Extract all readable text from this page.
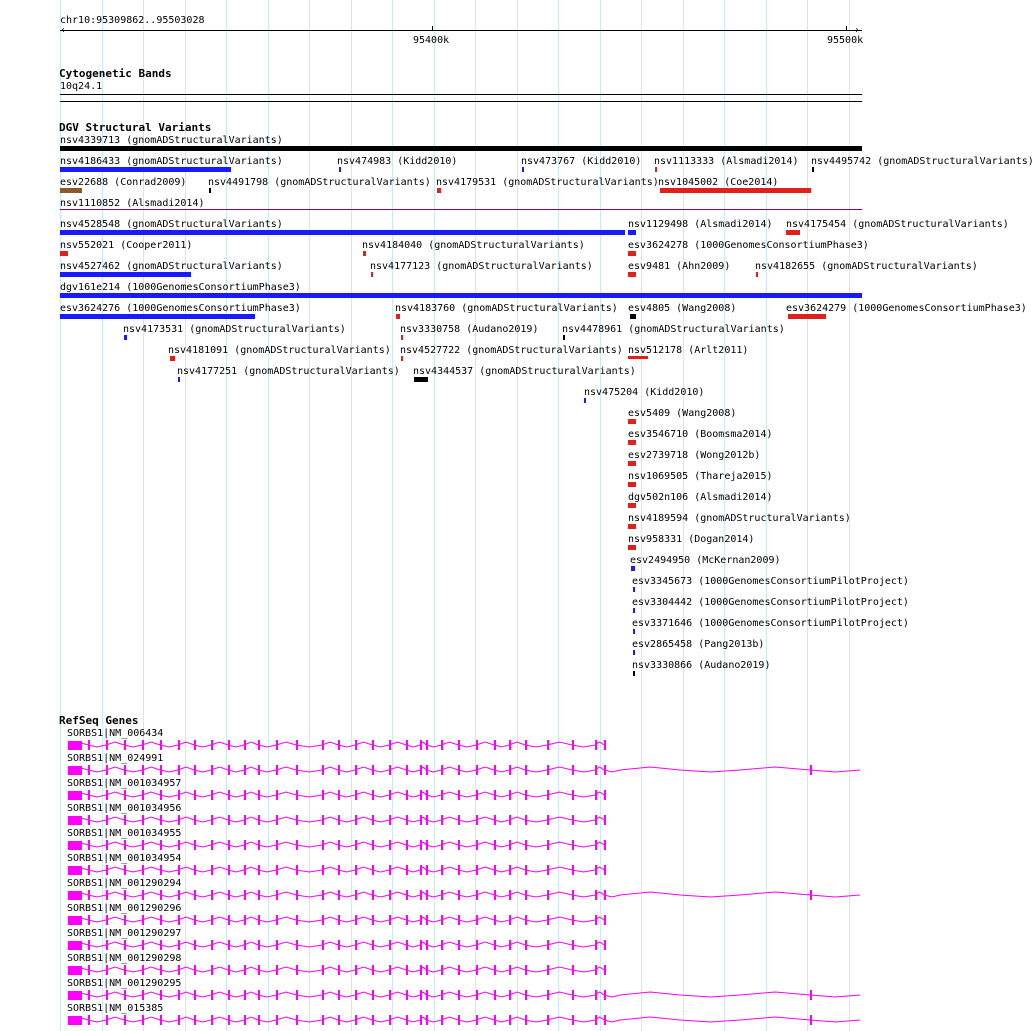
chr10:95309862..95503028
‹	›
95400k	95500k
Cytogenetic Bands
10q24.1
DGV Structural Variants
nsv4339713 (gnomADStructuralVariants)
nsv4186433 (gnomADStructuralVariants)	nsv474983 (Kidd2010)	nsv473767 (Kidd2010) nsv1113333 (Alsmadi2014) nsv4495742 (gnomADStructuralVariants)
esv22688 (Conrad2009) nsv4491798 (gnomADStructuralVariants) nsv4179531 (gnomADStructuralVariants) nsv1045002 (Coe2014)
nsv1110852 (Alsmadi2014)
nsv4528548 (gnomADStructuralVariants)	nsv1129498 (Alsmadi2014) nsv4175454 (gnomADStructuralVariants)
nsv552021 (Cooper2011)	nsv4184040 (gnomADStructuralVariants)	esv3624278 (1000GenomesConsortiumPhase3)
nsv4527462 (gnomADStructuralVariants)	nsv4177123 (gnomADStructuralVariants)	esv9481 (Ahn2009) nsv4182655 (gnomADStructuralVariants)
dgv161e214 (1000GenomesConsortiumPhase3)
esv3624276 (1000GenomesConsortiumPhase3)	nsv4183760 (gnomADStructuralVariants) esv4805 (Wang2008)	esv3624279 (1000GenomesConsortiumPhase3)
nsv4173531 (gnomADStructuralVariants)	nsv3330758 (Audano2019) nsv4478961 (gnomADStructuralVariants)
nsv4181091 (gnomADStructuralVariants) nsv4527722 (gnomADStructuralVariants) nsv512178 (Arlt2011)
nsv4177251 (gnomADStructuralVariants) nsv4344537 (gnomADStructuralVariants)
nsv475204 (Kidd2010)
esv5409 (Wang2008)
esv3546710 (Boomsma2014)
esv2739718 (Wong2012b)
nsv1069505 (Thareja2015)
dgv502n106 (Alsmadi2014)
nsv4189594 (gnomADStructuralVariants)
nsv958331 (Dogan2014)
esv2494950 (McKernan2009)
esv3345673 (1000GenomesConsortiumPilotProject)
esv3304442 (1000GenomesConsortiumPilotProject)
esv3371646 (1000GenomesConsortiumPilotProject)
esv2865458 (Pang2013b)
nsv3330866 (Audano2019)
RefSeq Genes
SORBS1|NM_006434
SORBS1|NM_024991
SORBS1|NM_001034957
SORBS1|NM_001034956
SORBS1|NM_001034955
SORBS1|NM_001034954
SORBS1|NM_001290294
SORBS1|NM_001290296
SORBS1|NM_001290297
SORBS1|NM_001290298
SORBS1|NM_001290295
SORBS1|NM_015385
